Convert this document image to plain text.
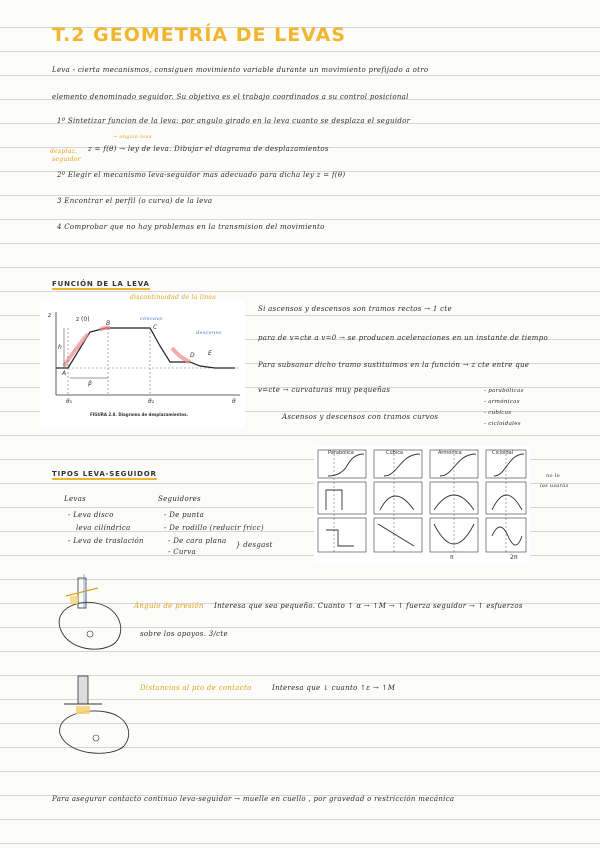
T.2 GEOMETRÍA DE LEVAS
Leva - cierta mecanismos, consiguen movimiento variable durante un movimiento prefijado a otro
elemento denominado seguidor. Su objetivo es el trabajo coordinados a su control posicional
1º Sintetizar funcion de la leva: por angulo girado en la leva cuanto se desplaza el seguidor
→ angulo leva
desplaz.
seguidor
z = f(θ) → ley de leva. Dibujar el diagrama de desplazamientos
2º Elegir el mecanismo leva-seguidor mas adecuado para dicha ley z = f(θ)
3 Encontrar el perfil (o curva) de la leva
4 Comprobar que no hay problemas en la transmision del movimiento
FUNCIÓN DE LA LEVA
z
z (0)
h
A
B
C
D E
β
θ₁	θ₂	θ
FIGURA 2.8. Diagrama de desplazamientos.
discontinuidad de la línea
cóncavo
descenso
Si ascensos y descensos son tramos rectos → 1 cte
para de v=cte a v=0 → se producen aceleraciones en un instante de tiempo
Para subsanar dicho tramo sustituimos en la función → z cte entre que
v=cte → curvaturas muy pequeñas
Ascensos y descensos con tramos curvos
- parabólicas
- armónicas
- cúbicas
- cicloidales
TIPOS LEVA-SEGUIDOR
Levas
- Leva disco
leva cilíndrica
- Leva de traslación
Seguidores
- De punta
- De rodillo (reducir fricc)
- De cara plana
- Curva
} desgast
Parabólica	Cúbica	Armónica	Cicloidal
π	2π
no lo
las usarás
Ángulo de presión Interesa que sea pequeño. Cuanto ↑ α → ↑M → ↑ fuerza seguidor → ↑ esfuerzos
sobre los apoyos. 3/cte
Distancias al pto de contacto	Interesa que ↓ cuanto ↑ε → ↑M
Para asegurar contacto continuo leva-seguidor → muelle en cuello , por gravedad o restricción mecánica
